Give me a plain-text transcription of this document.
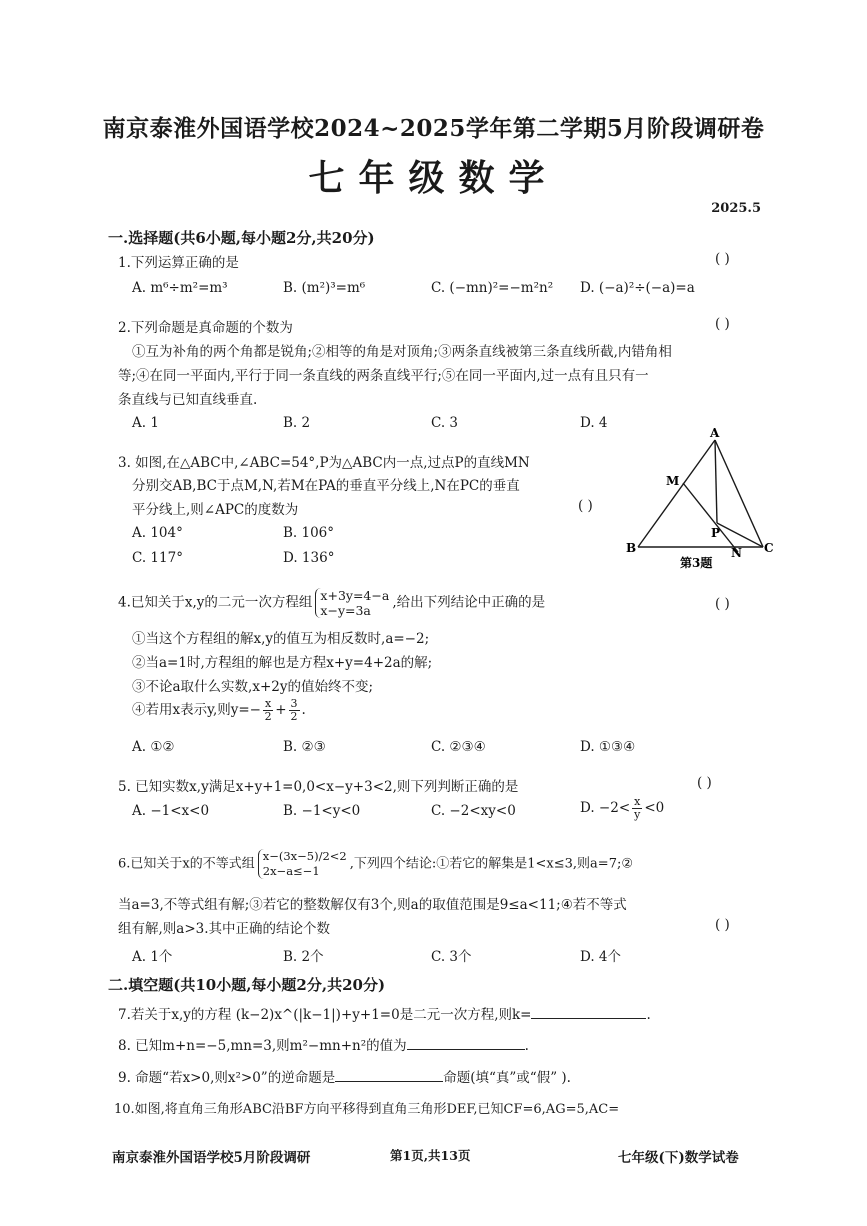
南京泰淮外国语学校2024~2025学年第二学期5月阶段调研卷
七年级数学
2025.5
一.选择题(共6小题,每小题2分,共20分)
1.下列运算正确的是	( )
A. m⁶÷m²=m³	B. (m²)³=m⁶	C. (−mn)²=−m²n² D. (−a)²÷(−a)=a
2.下列命题是真命题的个数为	( )
①互为补角的两个角都是锐角;②相等的角是对顶角;③两条直线被第三条直线所截,内错角相
等;④在同一平面内,平行于同一条直线的两条直线平行;⑤在同一平面内,过一点有且只有一
条直线与已知直线垂直.
A. 1	B. 2	C. 3	D. 4
3. 如图,在△ABC中,∠ABC=54°,P为△ABC内一点,过点P的直线MN
分别交AB,BC于点M,N,若M在PA的垂直平分线上,N在PC的垂直
平分线上,则∠APC的度数为	( )
A. 104°	B. 106°
C. 117°	D. 136°
A
M
P
B	N C
第3题
4.已知关于x,y的二元一次方程组 x+3y=4−a
x−y=3a	,给出下列结论中正确的是	( )
①当这个方程组的解x,y的值互为相反数时,a=−2;
②当a=1时,方程组的解也是方程x+y=4+2a的解;
③不论a取什么实数,x+2y的值始终不变;
④若用x表示y,则$y=- \frac{x}{2} + \frac{3}{2}$ .
A. ①②	B. ②③	C. ②③④	D. ①③④
5. 已知实数x,y满足x+y+1=0,0<x−y+3<2,则下列判断正确的是	( )
A. −1<x<0	B. −1<y<0	C. −2<xy<0	D. $-2< \frac{x}{y} <0$
6.已知关于x的不等式组
x−(3x−5)/2<2
2x−a≤−1	,下列四个结论:①若它的解集是1<x≤3,则a=7;②
当a=3,不等式组有解;③若它的整数解仅有3个,则a的取值范围是9≤a<11;④若不等式
组有解,则a>3.其中正确的结论个数	( )
A. 1个	B. 2个	C. 3个	D. 4个
二.填空题(共10小题,每小题2分,共20分)
7.若关于x,y的方程 (k−2)x^(|k−1|)+y+1=0是二元一次方程,则k=	.
8. 已知m+n=−5,mn=3,则m²−mn+n²的值为	.
9. 命题“若x>0,则x²>0”的逆命题是	命题(填“真”或“假” ).
10.如图,将直角三角形ABC沿BF方向平移得到直角三角形DEF,已知CF=6,AG=5,AC=
南京泰淮外国语学校5月阶段调研	第1页,共13页	七年级(下)数学试卷
